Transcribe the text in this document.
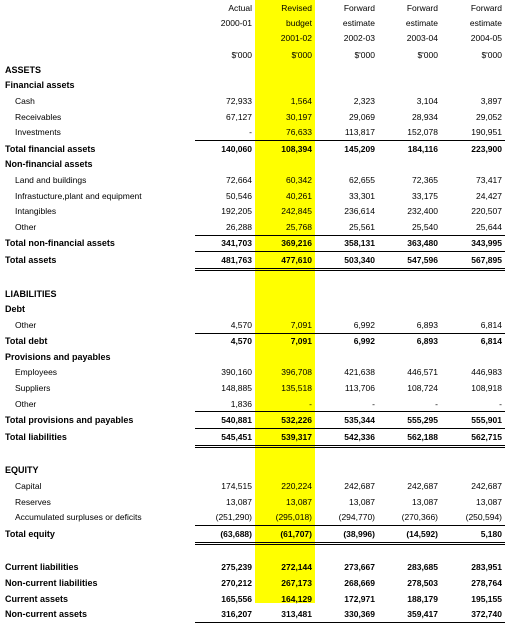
	Actual	Revised	Forward	Forward	Forward
	2000-01	budget	estimate	estimate	estimate
		2001-02	2002-03	2003-04	2004-05
	$'000	$'000	$'000	$'000	$'000
ASSETS					
Financial assets					
Cash	72,933	1,564	2,323	3,104	3,897
Receivables	67,127	30,197	29,069	28,934	29,052
Investments	-	76,633	113,817	152,078	190,951
Total financial assets	140,060	108,394	145,209	184,116	223,900
Non-financial assets					
Land and buildings	72,664	60,342	62,655	72,365	73,417
Infrastucture,plant and equipment	50,546	40,261	33,301	33,175	24,427
Intangibles	192,205	242,845	236,614	232,400	220,507
Other	26,288	25,768	25,561	25,540	25,644
Total non-financial assets	341,703	369,216	358,131	363,480	343,995
Total assets	481,763	477,610	503,340	547,596	567,895

LIABILITIES					
Debt					
Other	4,570	7,091	6,992	6,893	6,814
Total debt	4,570	7,091	6,992	6,893	6,814
Provisions and payables					
Employees	390,160	396,708	421,638	446,571	446,983
Suppliers	148,885	135,518	113,706	108,724	108,918
Other	1,836	-	-	-	-
Total provisions and payables	540,881	532,226	535,344	555,295	555,901
Total liabilities	545,451	539,317	542,336	562,188	562,715

EQUITY					
Capital	174,515	220,224	242,687	242,687	242,687
Reserves	13,087	13,087	13,087	13,087	13,087
Accumulated surpluses or deficits	(251,290)	(295,018)	(294,770)	(270,366)	(250,594)
Total equity	(63,688)	(61,707)	(38,996)	(14,592)	5,180

Current liabilities	275,239	272,144	273,667	283,685	283,951
Non-current liabilities	270,212	267,173	268,669	278,503	278,764
Current assets	165,556	164,129	172,971	188,179	195,155
Non-current assets	316,207	313,481	330,369	359,417	372,740
